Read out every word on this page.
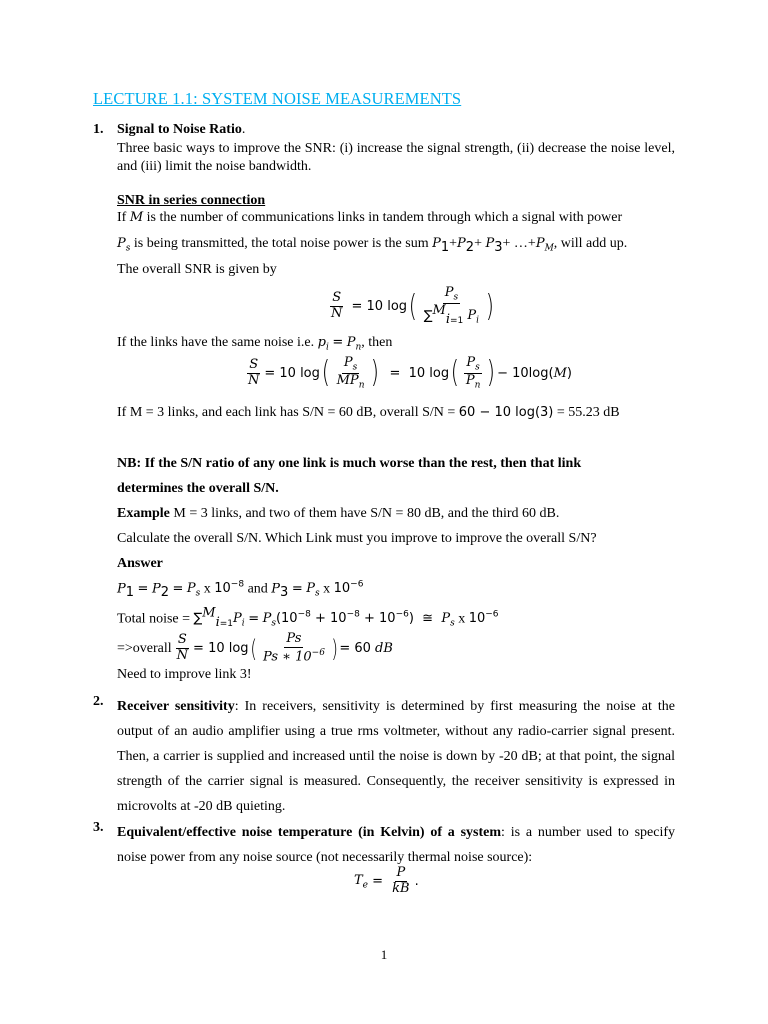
LECTURE 1.1: SYSTEM NOISE MEASUREMENTS
1. Signal to Noise Ratio.
Three basic ways to improve the SNR: (i) increase the signal strength, (ii) decrease the noise level, and (iii) limit the noise bandwidth.
SNR in series connection
If M is the number of communications links in tandem through which a signal with power
$P_s$ is being transmitted, the total noise power is the sum $P_1+P_2+ P_3+$ $\dots+P_M$, will add up.
The overall SNR is given by
$\frac{S}{N} = 10$ log ( $\frac{P_s}{\sum^M_{i=1} P_i}$ )
If the links have the same noise i.e. $p_i = P_n$, then
$\frac{S}{N} = 10$ log ( $\frac{P_s}{MP_n}$ ) =  10 log ( $\frac{P_s}{P_n}$ ) − 10log(M)
If M = 3 links, and each link has S/N = 60 dB, overall S/N = 60 − 10 log(3) = 55.23 dB
NB: If the S/N ratio of any one link is much worse than the rest, then that link
determines the overall S/N.
Example M = 3 links, and two of them have S/N = 80 dB, and the third 60 dB.
Calculate the overall S/N. Which Link must you improve to improve the overall S/N?
Answer
$P_1 = P_2 = P_s$ x $10^{-8}$ and $P_3 = P_s$ x $10^{-6}$
Total noise = $\sum^M_{i=1}P_i = P_s(10^{-8} + 10^{-8} + 10^{-6})$  ≅  $P_s$ x $10^{-6}$
=>overall $\frac{S}{N} = 10$ log ( $\frac{Ps}{Ps ∗ 10^{-6}}$ ) = 60 dB
Need to improve link 3!
2. Receiver sensitivity: In receivers, sensitivity is determined by first measuring the noise at the output of an audio amplifier using a true rms voltmeter, without any radio-carrier signal present. Then, a carrier is supplied and increased until the noise is down by -20 dB; at that point, the signal strength of the carrier signal is measured. Consequently, the receiver sensitivity is expressed in microvolts at -20 dB quieting.
3. Equivalent/effective noise temperature (in Kelvin) of a system: is a number used to specify noise power from any noise source (not necessarily thermal noise source):
$T_e = \frac{P}{kB}$ .
1
